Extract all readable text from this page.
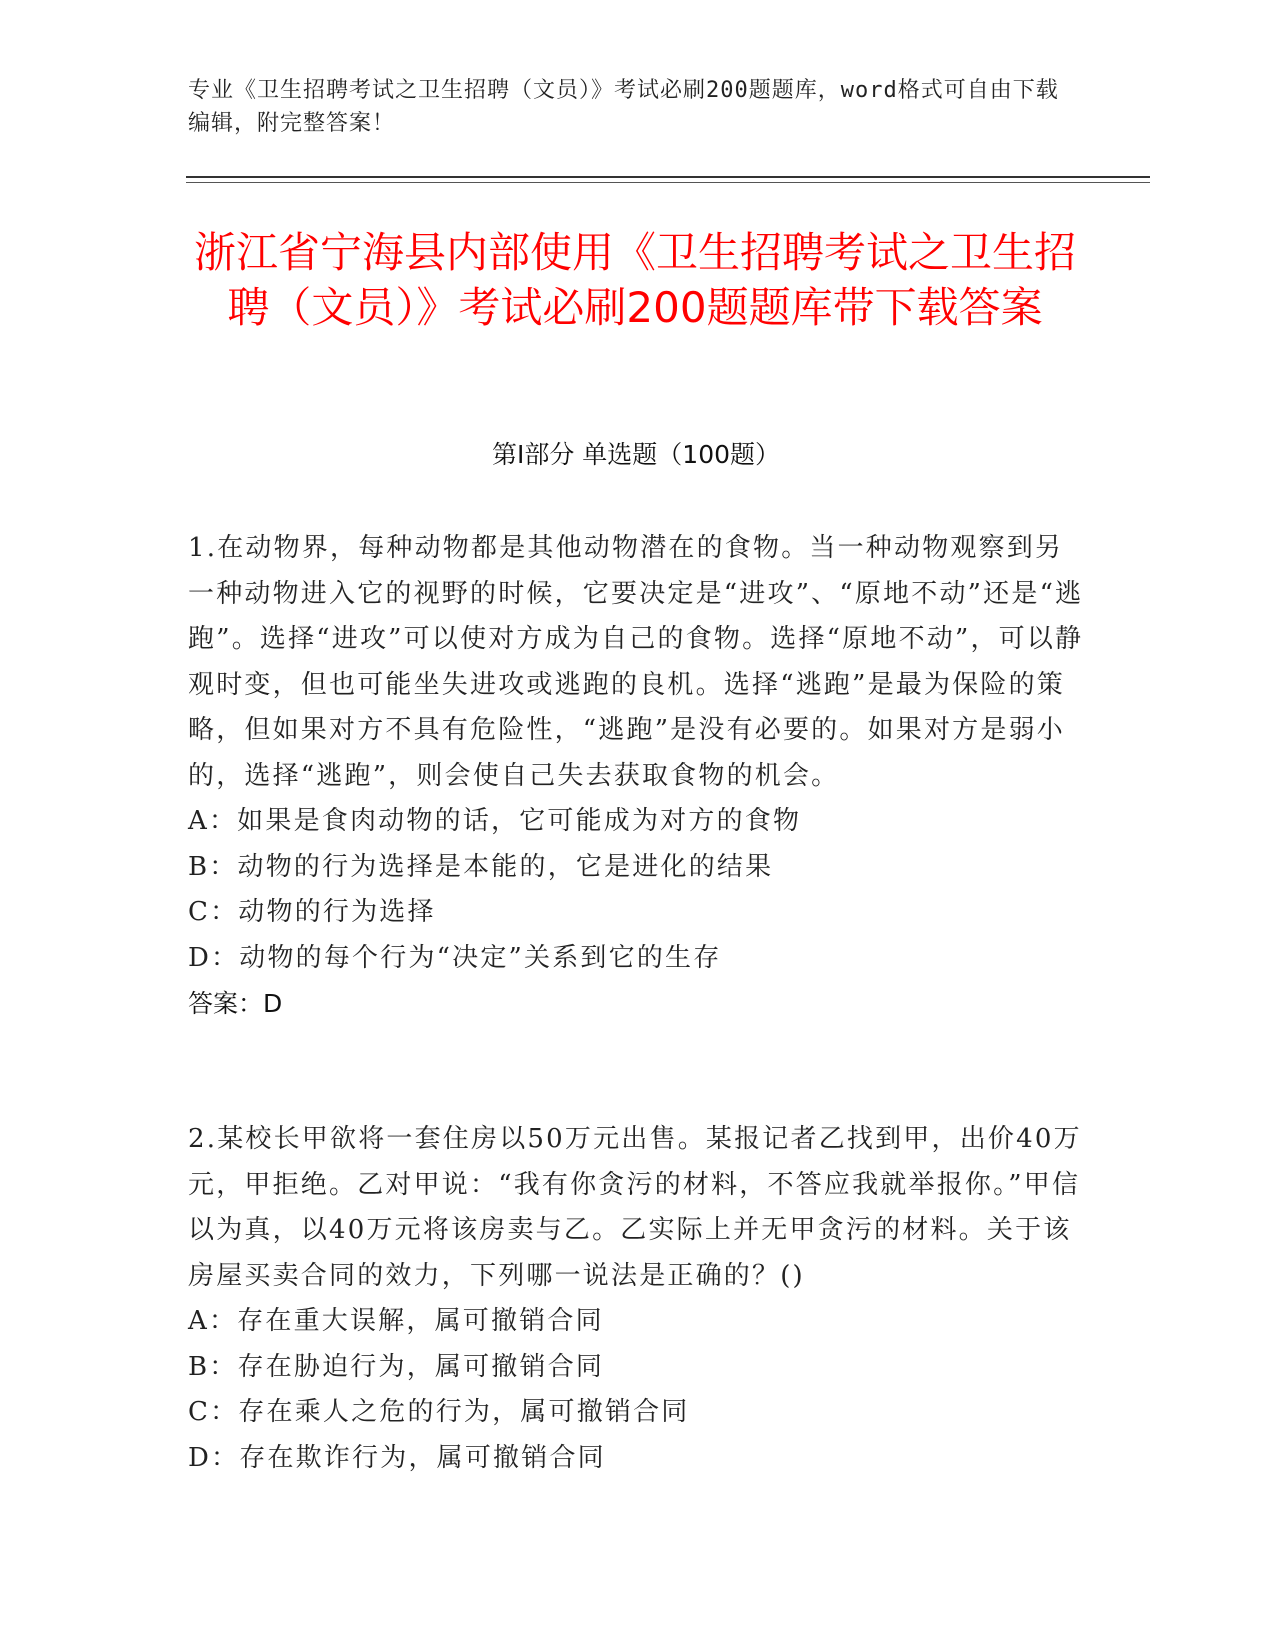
专业《卫生招聘考试之卫生招聘（文员）》考试必刷200题题库，word格式可自由下载编辑，附完整答案！
浙江省宁海县内部使用《卫生招聘考试之卫生招聘（文员）》考试必刷200题题库带下载答案
第Ⅰ部分 单选题（100题）

1.在动物界，每种动物都是其他动物潜在的食物。当一种动物观察到另一种动物进入它的视野的时候，它要决定是“进攻”、“原地不动”还是“逃跑”。选择“进攻”可以使对方成为自己的食物。选择“原地不动”，可以静观时变，但也可能坐失进攻或逃跑的良机。选择“逃跑”是最为保险的策略，但如果对方不具有危险性，“逃跑”是没有必要的。如果对方是弱小的，选择“逃跑”，则会使自己失去获取食物的机会。

A：如果是食肉动物的话，它可能成为对方的食物

B：动物的行为选择是本能的，它是进化的结果

C：动物的行为选择

D：动物的每个行为“决定”关系到它的生存

答案：D

2.某校长甲欲将一套住房以50万元出售。某报记者乙找到甲，出价40万元，甲拒绝。乙对甲说：“我有你贪污的材料，不答应我就举报你。”甲信以为真，以40万元将该房卖与乙。乙实际上并无甲贪污的材料。关于该房屋买卖合同的效力，下列哪一说法是正确的？()

A：存在重大误解，属可撤销合同

B：存在胁迫行为，属可撤销合同

C：存在乘人之危的行为，属可撤销合同

D：存在欺诈行为，属可撤销合同
